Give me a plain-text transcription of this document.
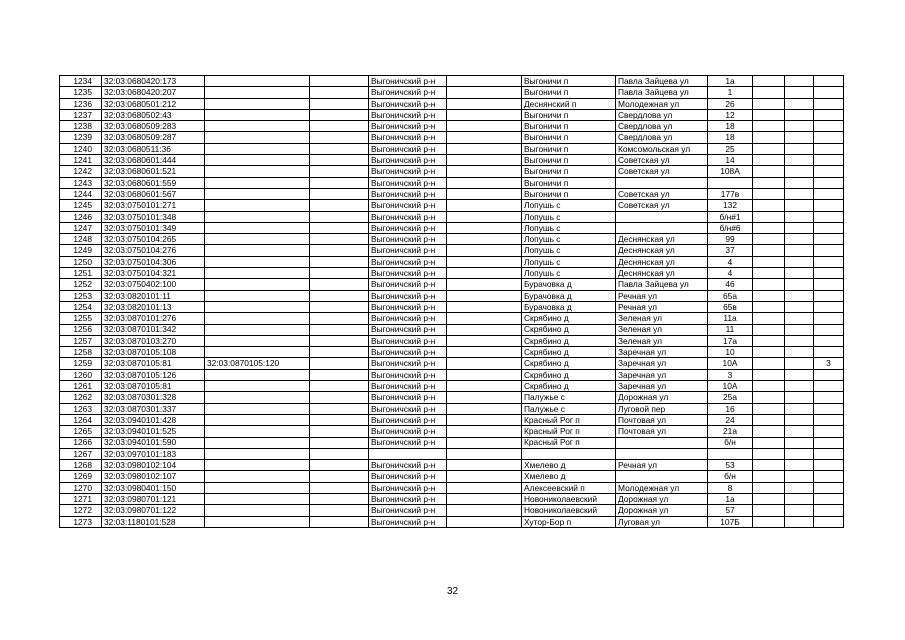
1234	32:03:0680420:173			Выгоничский р-н		Выгоничи п	Павла Зайцева ул	1а			
1235	32:03:0680420:207			Выгоничский р-н		Выгоничи п	Павла Зайцева ул	1			
1236	32:03:0680501:212			Выгоничский р-н		Деснянский п	Молодежная ул	26			
1237	32:03:0680502:43			Выгоничский р-н		Выгоничи п	Свердлова ул	12			
1238	32:03:0680509:283			Выгоничский р-н		Выгоничи п	Свердлова ул	18			
1239	32:03:0680509:287			Выгоничский р-н		Выгоничи п	Свердлова ул	18			
1240	32:03:0680511:36			Выгоничский р-н		Выгоничи п	Комсомольская ул	25			
1241	32:03:0680601:444			Выгоничский р-н		Выгоничи п	Советская ул	14			
1242	32:03:0680601:521			Выгоничский р-н		Выгоничи п	Советская ул	108А			
1243	32:03:0680601:559			Выгоничский р-н		Выгоничи п					
1244	32:03:0680601:567			Выгоничский р-н		Выгоничи п	Советская ул	177в			
1245	32:03:0750101:271			Выгоничский р-н		Лопушь с	Советская ул	132			
1246	32:03:0750101:348			Выгоничский р-н		Лопушь с		б/н#1			
1247	32:03:0750101:349			Выгоничский р-н		Лопушь с		б/н#6			
1248	32:03:0750104:265			Выгоничский р-н		Лопушь с	Деснянская ул	99			
1249	32:03:0750104:276			Выгоничский р-н		Лопушь с	Деснянская ул	37			
1250	32:03:0750104:306			Выгоничский р-н		Лопушь с	Деснянская ул	4			
1251	32:03:0750104:321			Выгоничский р-н		Лопушь с	Деснянская ул	4			
1252	32:03:0750402:100			Выгоничский р-н		Бурачовка д	Павла Зайцева ул	46			
1253	32:03:0820101:11			Выгоничский р-н		Бурачовка д	Речная ул	65а			
1254	32:03:0820101:13			Выгоничский р-н		Бурачовка д	Речная ул	65в			
1255	32:03:0870101:276			Выгоничский р-н		Скрябино д	Зеленая ул	11а			
1256	32:03:0870101:342			Выгоничский р-н		Скрябино д	Зеленая ул	11			
1257	32:03:0870103:270			Выгоничский р-н		Скрябино д	Зеленая ул	17а			
1258	32:03:0870105:108			Выгоничский р-н		Скрябино д	Заречная ул	10			
1259	32:03:0870105:81	32:03:0870105:120		Выгоничский р-н		Скрябино д	Заречная ул	10А			3
1260	32:03:0870105:126			Выгоничский р-н		Скрябино д	Заречная ул	3			
1261	32:03:0870105:81			Выгоничский р-н		Скрябино д	Заречная ул	10А			
1262	32:03:0870301:328			Выгоничский р-н		Палужье с	Дорожная ул	25а			
1263	32:03:0870301:337			Выгоничский р-н		Палужье с	Луговой пер	16			
1264	32:03:0940101:428			Выгоничский р-н		Красный Рог п	Почтовая ул	24			
1265	32:03:0940101:525			Выгоничский р-н		Красный Рог п	Почтовая ул	21а			
1266	32:03:0940101:590			Выгоничский р-н		Красный Рог п		б/н			
1267	32:03:0970101:183										
1268	32:03:0980102:104			Выгоничский р-н		Хмелево д	Речная ул	53			
1269	32:03:0980102:107			Выгоничский р-н		Хмелево д		б/н			
1270	32:03:0980401:150			Выгоничский р-н		Алексеевский п	Молодежная ул	8			
1271	32:03:0980701:121			Выгоничский р-н		Новониколаевский	Дорожная ул	1а			
1272	32:03:0980701:122			Выгоничский р-н		Новониколаевский	Дорожная ул	57			
1273	32:03:1180101:528			Выгоничский р-н		Хутор-Бор п	Луговая ул	107Б			
32
